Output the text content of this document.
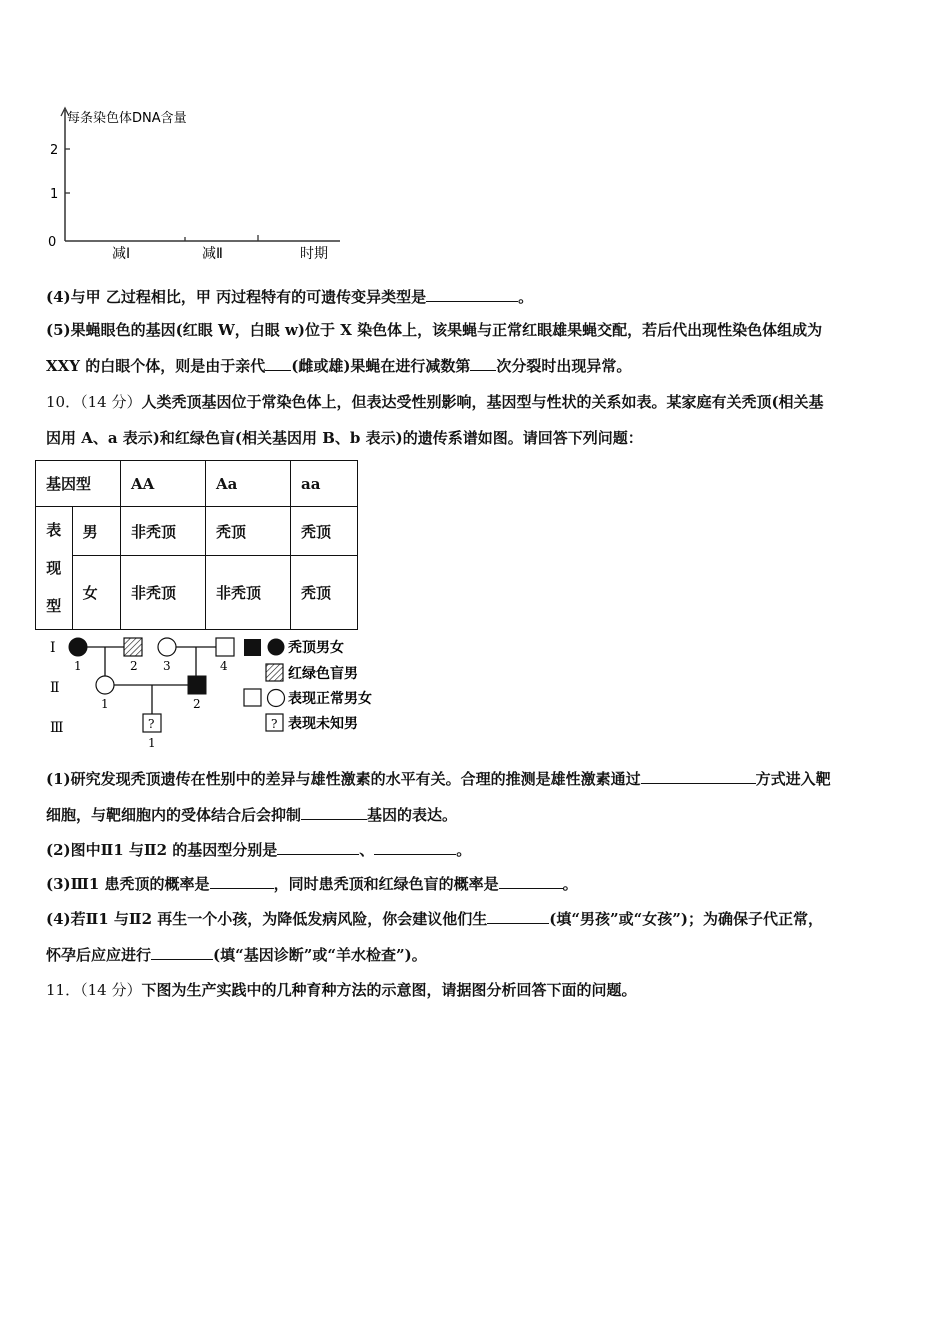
每条染色体DNA含量
2
1
0
减Ⅰ	减Ⅱ	时期
(4)与甲 乙过程相比，甲 丙过程特有的可遗传变异类型是	。
(5)果蝇眼色的基因(红眼 W，白眼 w)位于 X 染色体上，该果蝇与正常红眼雄果蝇交配，若后代出现性染色体组成为
XXY 的白眼个体，则是由于亲代 (雌或雄)果蝇在进行减数第 次分裂时出现异常。
10．（14 分）人类秃顶基因位于常染色体上，但表达受性别影响，基因型与性状的关系如表。某家庭有关秃顶(相关基
因用 A、a 表示)和红绿色盲(相关基因用 B、b 表示)的遗传系谱如图。请回答下列问题：
基因型		AA	Aa	aa
表
现
型	男	非秃顶	秃顶	秃顶
	女	非秃顶	非秃顶	秃顶
Ⅰ
Ⅱ
Ⅲ
1	2 3	4
1	2
?
1
秃顶男女
红绿色盲男
表现正常男女
? 表现未知男
(1)研究发现秃顶遗传在性别中的差异与雄性激素的水平有关。合理的推测是雄性激素通过	方式进入靶
细胞，与靶细胞内的受体结合后会抑制	基因的表达。
(2)图中Ⅱ1 与Ⅱ2 的基因型分别是	、	。
(3)Ⅲ1 患秃顶的概率是	，同时患秃顶和红绿色盲的概率是	。
(4)若Ⅱ1 与Ⅱ2 再生一个小孩，为降低发病风险，你会建议他们生	(填“男孩”或“女孩”)；为确保子代正常，
怀孕后应应进行	(填“基因诊断”或“羊水检查”)。
11．（14 分）下图为生产实践中的几种育种方法的示意图，请据图分析回答下面的问题。
